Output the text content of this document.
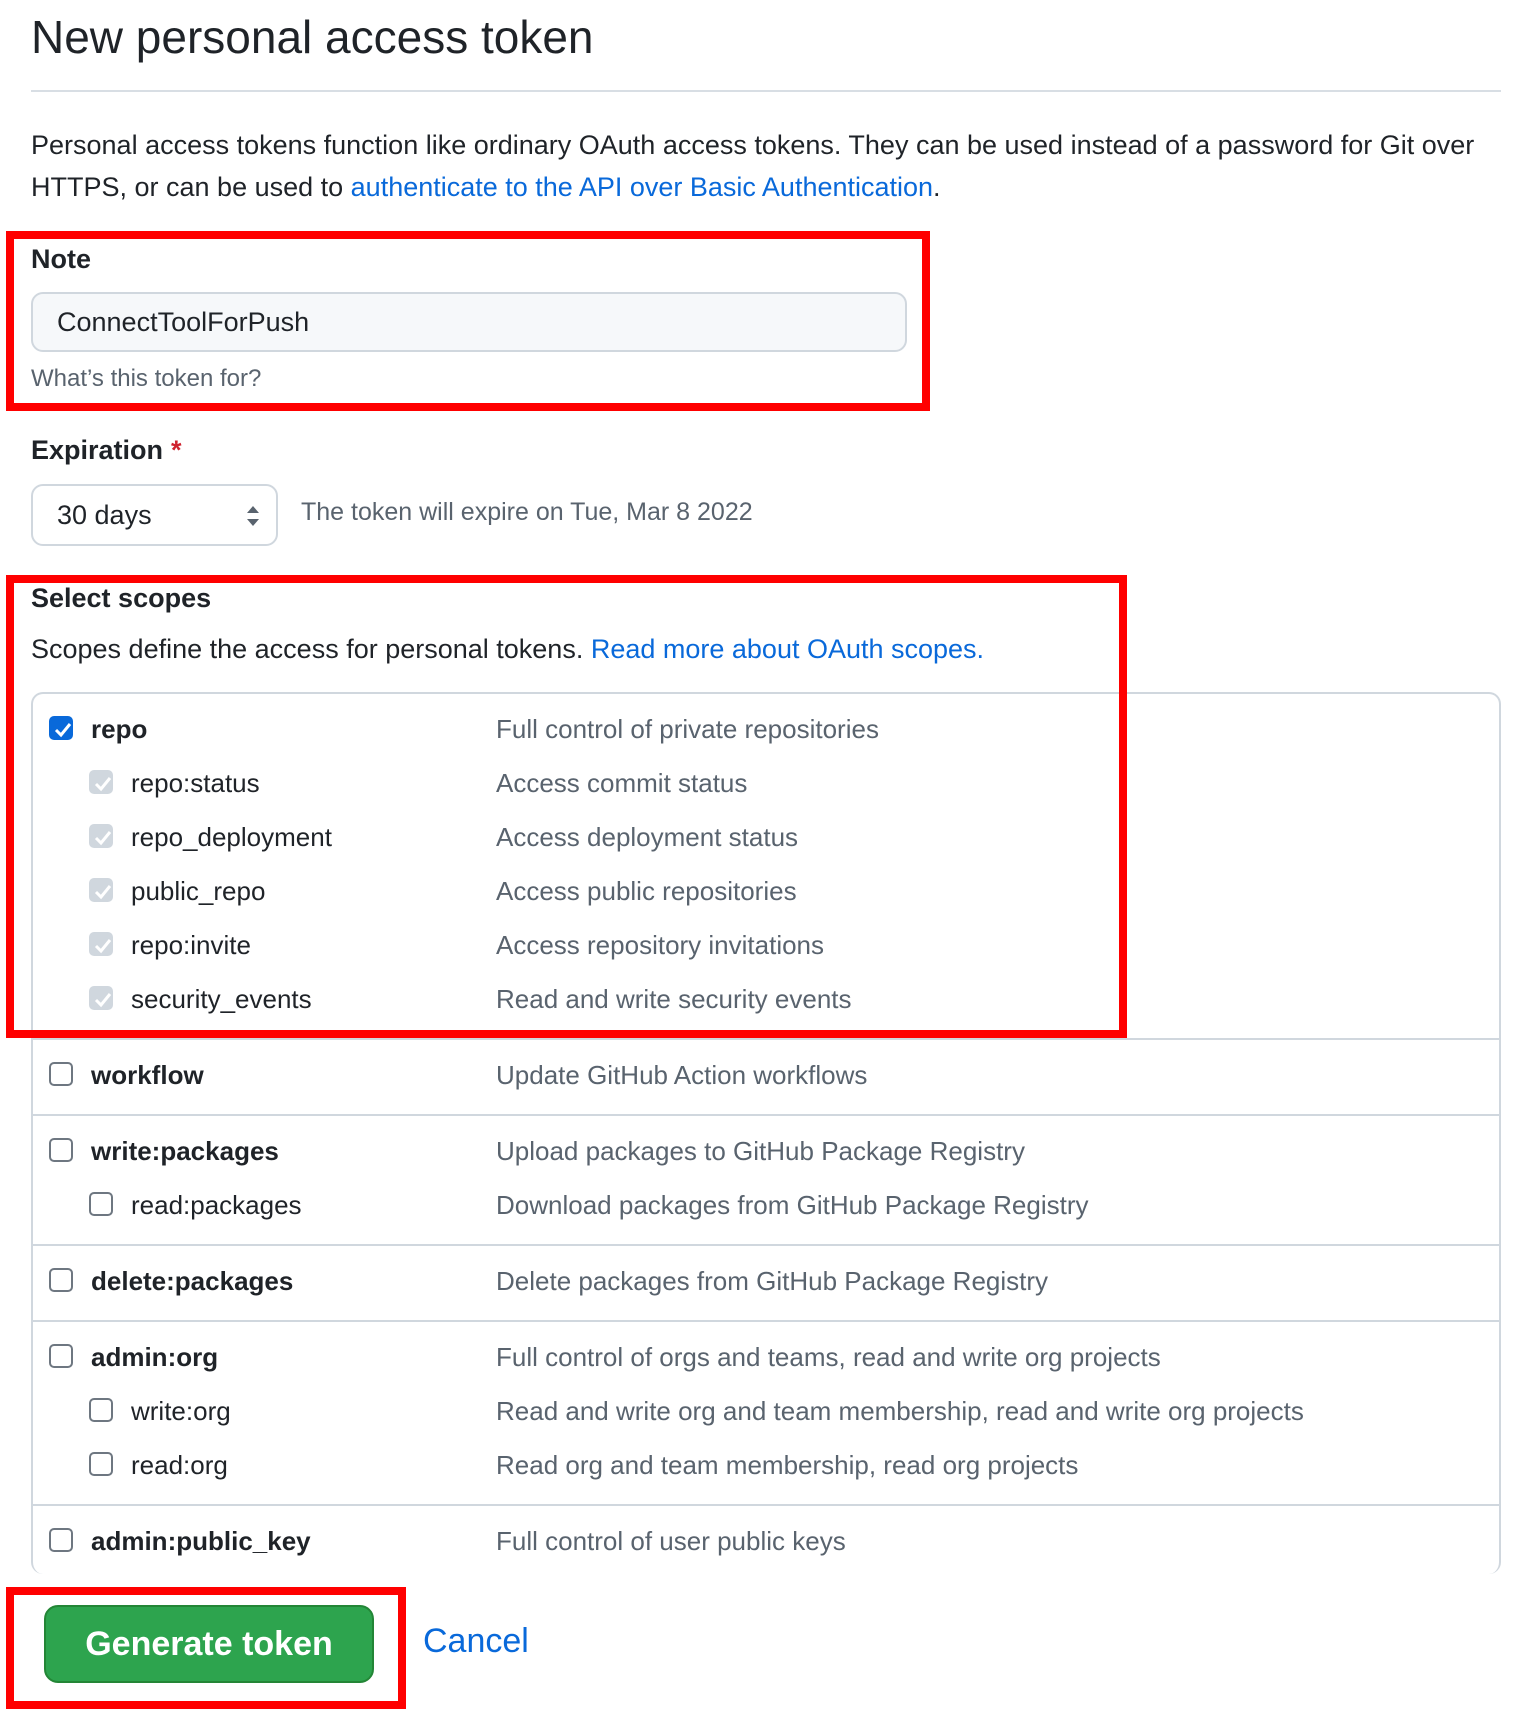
New personal access token
Personal access tokens function like ordinary OAuth access tokens. They can be used instead of a password for Git over HTTPS, or can be used to authenticate to the API over Basic Authentication.
Note
ConnectToolForPush
What’s this token for?
Expiration *
30 days	The token will expire on Tue, Mar 8 2022
Select scopes
Scopes define the access for personal tokens. Read more about OAuth scopes.
repo	Full control of private repositories
repo:status	Access commit status
repo_deployment	Access deployment status
public_repo	Access public repositories
repo:invite	Access repository invitations
security_events	Read and write security events
workflow	Update GitHub Action workflows
write:packages	Upload packages to GitHub Package Registry
read:packages	Download packages from GitHub Package Registry
delete:packages	Delete packages from GitHub Package Registry
admin:org	Full control of orgs and teams, read and write org projects
write:org	Read and write org and team membership, read and write org projects
read:org	Read org and team membership, read org projects
admin:public_key	Full control of user public keys
Generate token	Cancel
